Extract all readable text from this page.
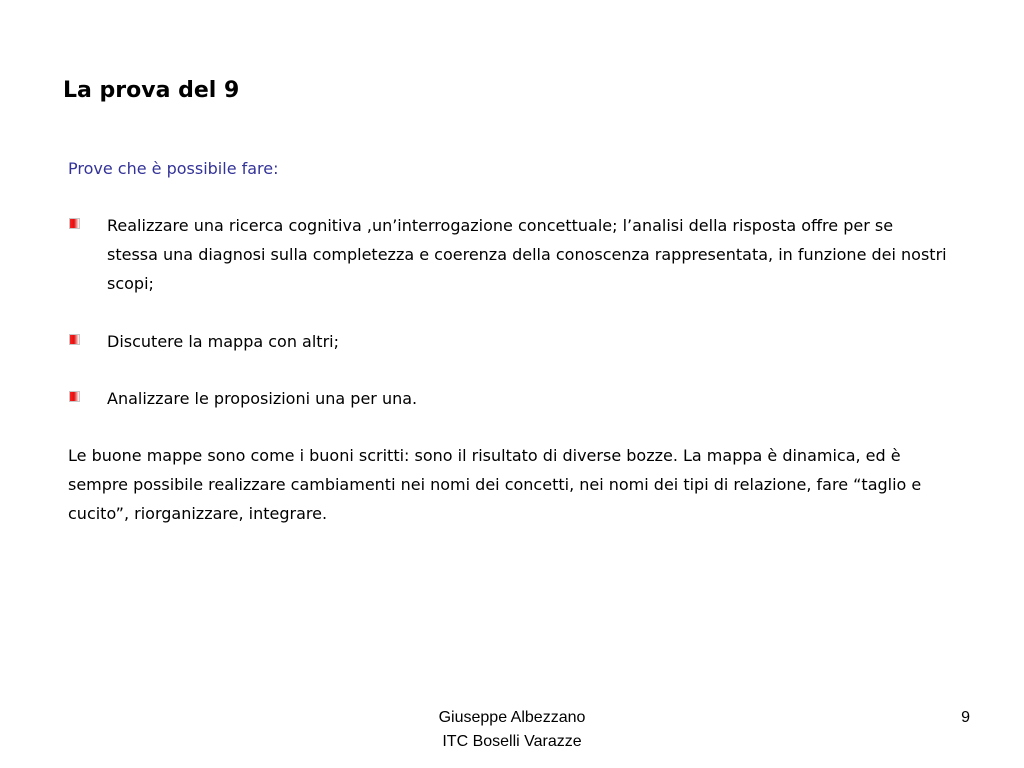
La prova del 9
Prove che è possibile fare:
Realizzare una ricerca cognitiva ,un’interrogazione concettuale; l’analisi della risposta offre per se stessa una diagnosi sulla completezza e coerenza della conoscenza rappresentata, in funzione dei nostri scopi;
Discutere la mappa con altri;
Analizzare le proposizioni una per una.

Le buone mappe sono come i buoni scritti: sono il risultato di diverse bozze. La mappa è dinamica, ed è sempre possibile realizzare cambiamenti nei nomi dei concetti, nei nomi dei tipi di relazione, fare “taglio e cucito”, riorganizzare, integrare.

Giuseppe Albezzano
ITC Boselli Varazze
9
